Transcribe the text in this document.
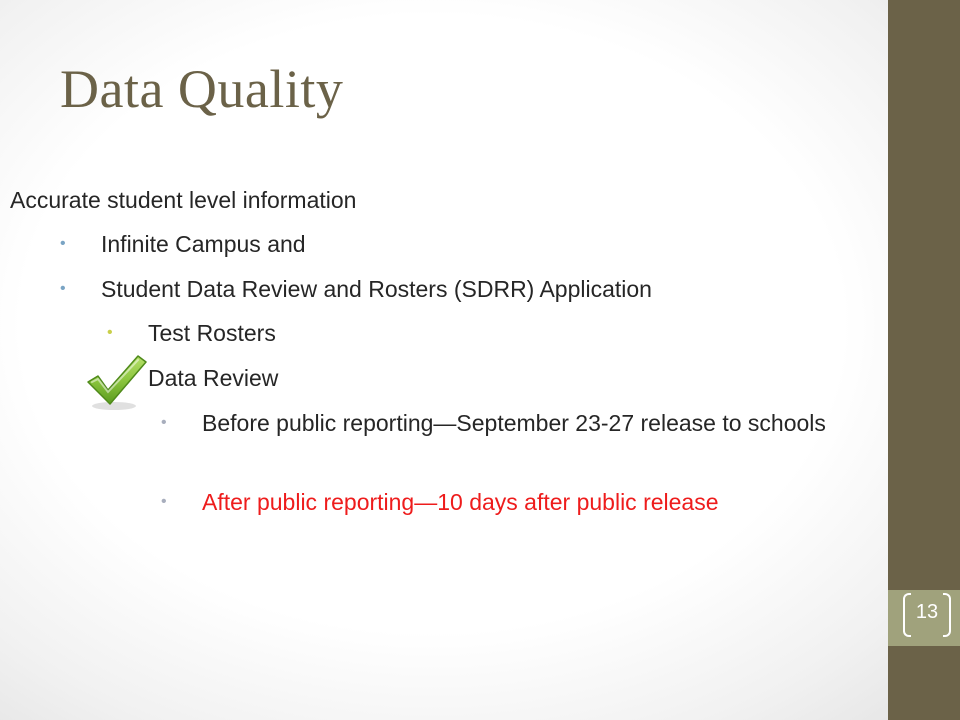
13
Data Quality
Accurate student level information
• Infinite Campus and
• Student Data Review and Rosters (SDRR) Application
• Test Rosters
Data Review
• Before public reporting—September 23-27 release to schools
• After public reporting—10 days after public release
